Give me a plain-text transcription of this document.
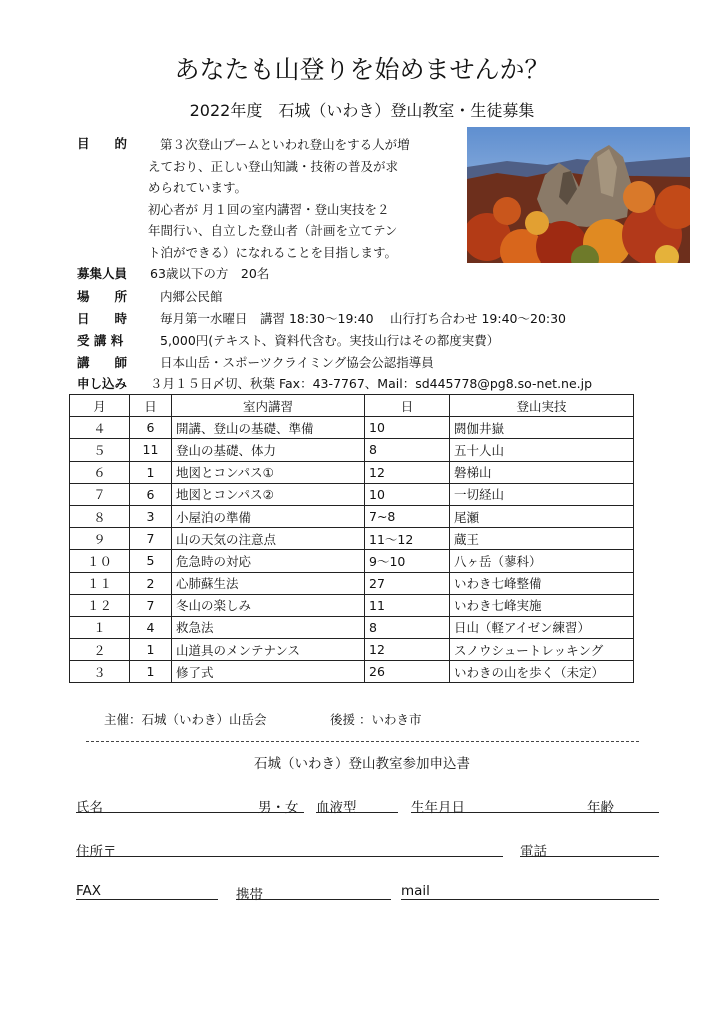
あなたも山登りを始めませんか？
2022年度　石城（いわき）登山教室・生徒募集
目　　的	第３次登山ブームといわれ登山をする人が増
えており、正しい登山知識・技術の普及が求
められています。
初心者が 月１回の室内講習・登山実技を２
年間行い、自立した登山者（計画を立てテン
ト泊ができる）になれることを目指します。
募集人員 63歳以下の方　20名
場　　所	内郷公民館
日　　時	毎月第一水曜日　講習 18:30～19:40　 山行打ち合わせ 19:40～20:30
受 講 料	5,000円(テキスト、資料代含む。実技山行はその都度実費）
講　　師	日本山岳・スポーツクライミング協会公認指導員
申し込み ３月１５日〆切、秋葉 Fax：43-7767、Mail：sd445778@pg8.so-net.ne.jp
月	日	室内講習	日	登山実技
４	6	開講、登山の基礎、準備	10	閼伽井嶽
５	11	登山の基礎、体力	8	五十人山
６	1	地図とコンパス①	12	磐梯山
７	6	地図とコンパス②	10	一切経山
８	3	小屋泊の準備	7~8	尾瀬
９	7	山の天気の注意点	11～12	蔵王
１０	5	危急時の対応	9～10	八ヶ岳（蓼科）
１１	2	心肺蘇生法	27	いわき七峰整備
１２	7	冬山の楽しみ	11	いわき七峰実施
１	4	救急法	8	日山（軽アイゼン練習）
２	1	山道具のメンテナンス	12	スノウシュートレッキング
３	1	修了式	26	いわきの山を歩く（未定）
主催：石城（いわき）山岳会	後援 ：いわき市
石城（いわき）登山教室参加申込書
氏名	男・女 血液型	生年月日	年齢
住所〒	電話
FAX	携帯	mail
